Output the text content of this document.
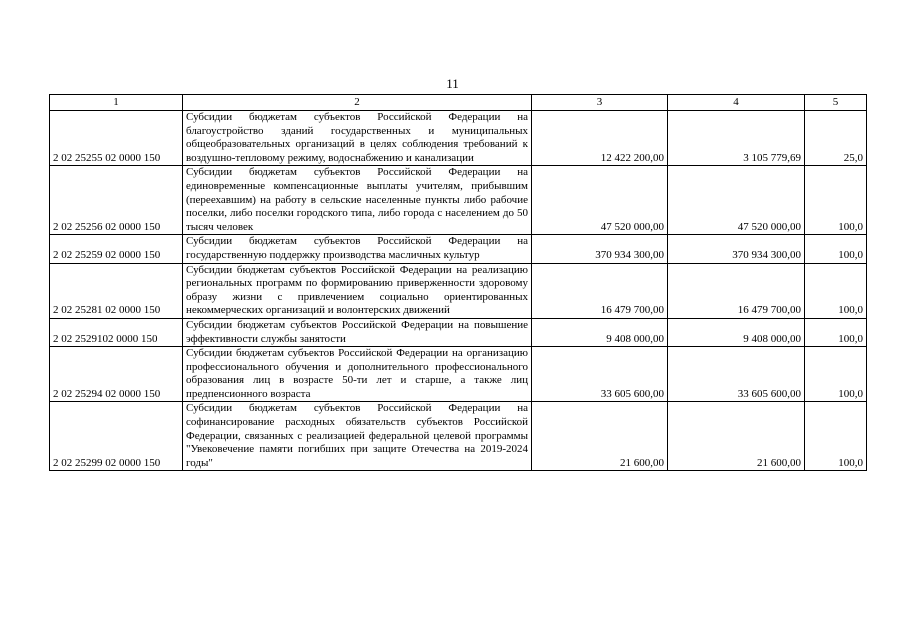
11
1	2	3	4	5
2 02 25255 02 0000 150	Субсидии бюджетам субъектов Российской Федерации на благоустройство зданий государственных и муниципальных общеобразовательных организаций в целях соблюдения требований к воздушно-тепловому режиму, водоснабжению и канализации	12 422 200,00	3 105 779,69	25,0
2 02 25256 02 0000 150	Субсидии бюджетам субъектов Российской Федерации на единовременные компенсационные выплаты учителям, прибывшим (переехавшим) на работу в сельские населенные пункты либо рабочие поселки, либо поселки городского типа, либо города с населением до 50 тысяч человек	47 520 000,00	47 520 000,00	100,0
2 02 25259 02 0000 150	Субсидии бюджетам субъектов Российской Федерации на государственную поддержку производства масличных культур	370 934 300,00	370 934 300,00	100,0
2 02 25281 02 0000 150	Субсидии бюджетам субъектов Российской Федерации на реализацию региональных программ по формированию приверженности здоровому образу жизни с привлечением социально ориентированных некоммерческих организаций и волонтерских движений	16 479 700,00	16 479 700,00	100,0
2 02 2529102 0000 150	Субсидии бюджетам субъектов Российской Федерации на повышение эффективности службы занятости	9 408 000,00	9 408 000,00	100,0
2 02 25294 02 0000 150	Субсидии бюджетам субъектов Российской Федерации на организацию профессионального обучения и дополнительного профессионального образования лиц в возрасте 50-ти лет и старше, а также лиц предпенсионного возраста	33 605 600,00	33 605 600,00	100,0
2 02 25299 02 0000 150	Субсидии бюджетам субъектов Российской Федерации на софинансирование расходных обязательств субъектов Российской Федерации, связанных с реализацией федеральной целевой программы "Увековечение памяти погибших при защите Отечества на 2019-2024 годы"	21 600,00	21 600,00	100,0
